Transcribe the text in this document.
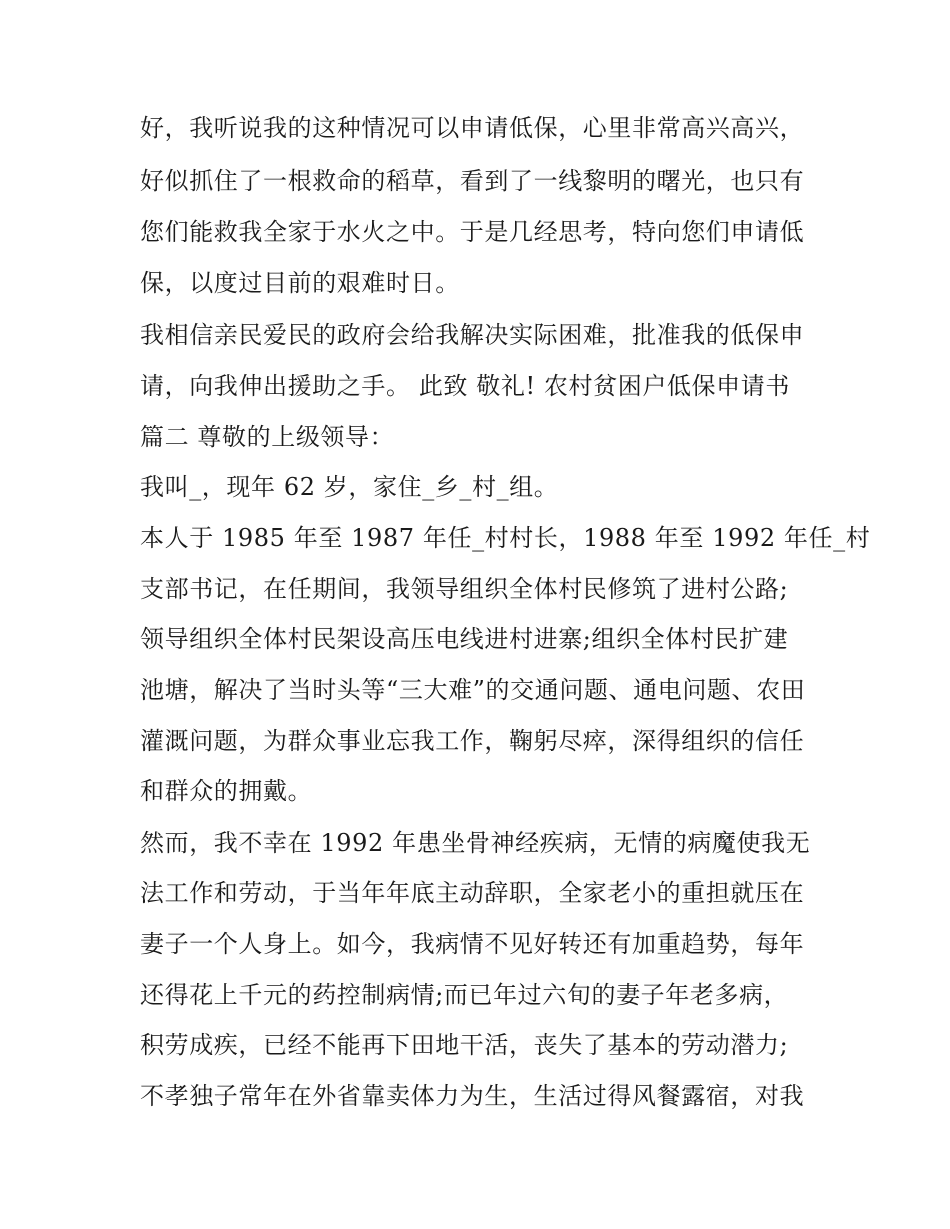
好，我听说我的这种情况可以申请低保，心里非常高兴高兴，
好似抓住了一根救命的稻草，看到了一线黎明的曙光，也只有
您们能救我全家于水火之中。于是几经思考，特向您们申请低
保，以度过目前的艰难时日。
我相信亲民爱民的政府会给我解决实际困难，批准我的低保申
请，向我伸出援助之手。 此致 敬礼! 农村贫困户低保申请书
篇二 尊敬的上级领导：
我叫_，现年 62 岁，家住_乡_村_组。
本人于 1985 年至 1987 年任_村村长，1988 年至 1992 年任_村
支部书记，在任期间，我领导组织全体村民修筑了进村公路;
领导组织全体村民架设高压电线进村进寨;组织全体村民扩建
池塘，解决了当时头等“三大难”的交通问题、通电问题、农田
灌溉问题，为群众事业忘我工作，鞠躬尽瘁，深得组织的信任
和群众的拥戴。
然而，我不幸在 1992 年患坐骨神经疾病，无情的病魔使我无
法工作和劳动，于当年年底主动辞职，全家老小的重担就压在
妻子一个人身上。如今，我病情不见好转还有加重趋势，每年
还得花上千元的药控制病情;而已年过六旬的妻子年老多病，
积劳成疾，已经不能再下田地干活，丧失了基本的劳动潜力;
不孝独子常年在外省靠卖体力为生，生活过得风餐露宿，对我
